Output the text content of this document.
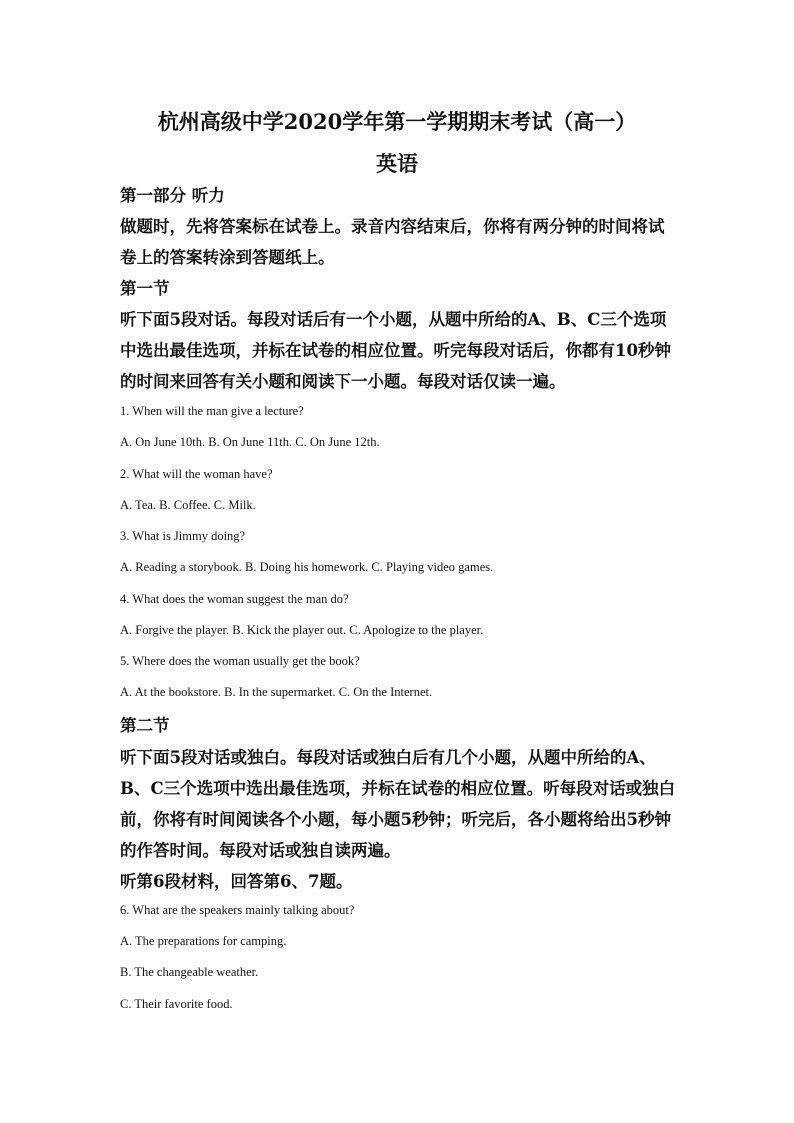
杭州高级中学2020学年第一学期期末考试（高一）
英语
第一部分 听力
做题时，先将答案标在试卷上。录音内容结束后，你将有两分钟的时间将试卷上的答案转涂到答题纸上。
第一节
听下面5段对话。每段对话后有一个小题，从题中所给的A、B、C三个选项中选出最佳选项，并标在试卷的相应位置。听完每段对话后，你都有10秒钟的时间来回答有关小题和阅读下一小题。每段对话仅读一遍。
1. When will the man give a lecture?
A. On June 10th. B. On June 11th. C. On June 12th.
2. What will the woman have?
A. Tea. B. Coffee. C. Milk.
3. What is Jimmy doing?
A. Reading a storybook. B. Doing his homework. C. Playing video games.
4. What does the woman suggest the man do?
A. Forgive the player. B. Kick the player out. C. Apologize to the player.
5. Where does the woman usually get the book?
A. At the bookstore. B. In the supermarket. C. On the Internet.
第二节
听下面5段对话或独白。每段对话或独白后有几个小题，从题中所给的A、B、C三个选项中选出最佳选项，并标在试卷的相应位置。听每段对话或独白前，你将有时间阅读各个小题，每小题5秒钟；听完后，各小题将给出5秒钟的作答时间。每段对话或独自读两遍。
听第6段材料，回答第6、7题。
6. What are the speakers mainly talking about?
A. The preparations for camping.
B. The changeable weather.
C. Their favorite food.
